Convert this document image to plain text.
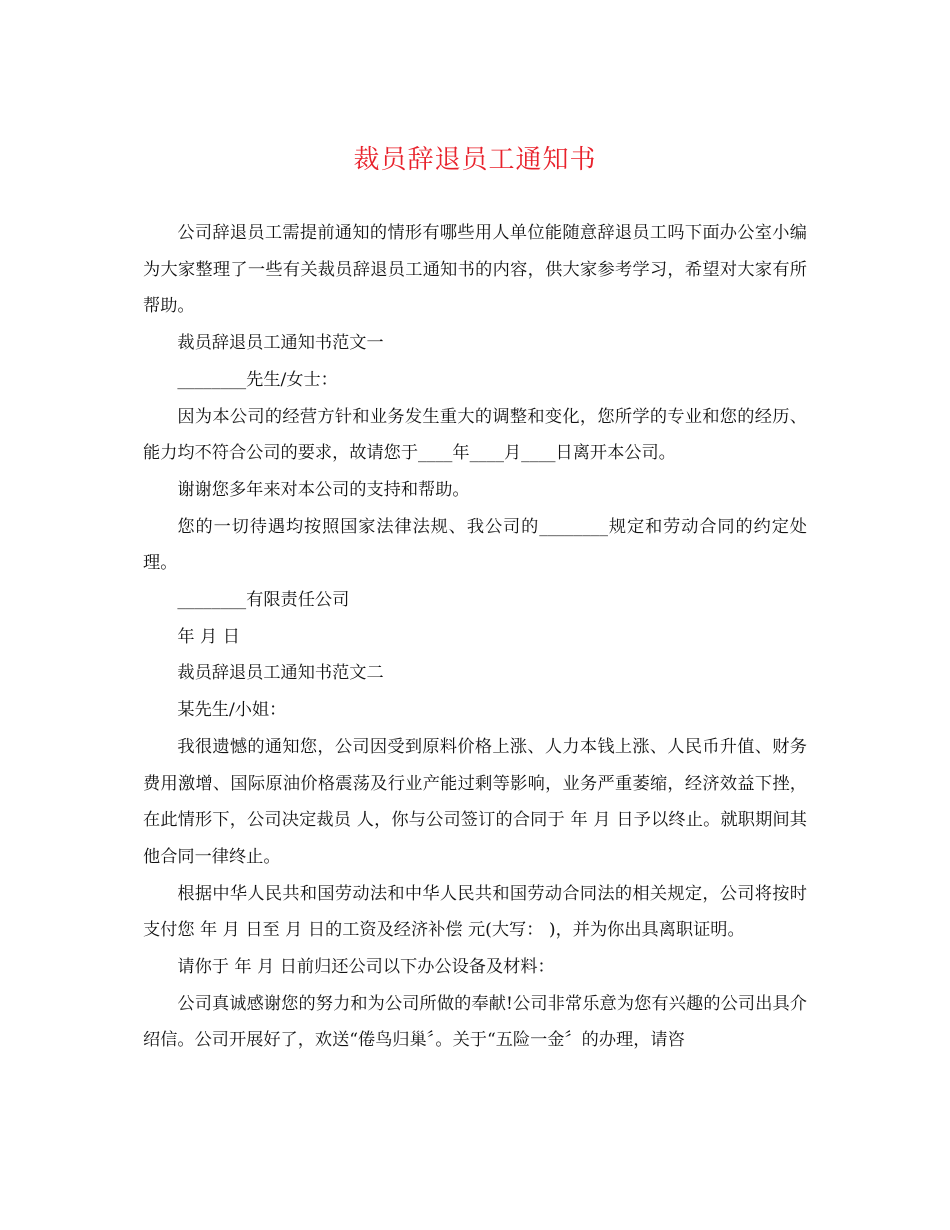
裁员辞退员工通知书

公司辞退员工需提前通知的情形有哪些用人单位能随意辞退员工吗下面办公室小编为大家整理了一些有关裁员辞退员工通知书的内容，供大家参考学习，希望对大家有所帮助。

裁员辞退员工通知书范文一

________先生/女士：

因为本公司的经营方针和业务发生重大的调整和变化，您所学的专业和您的经历、能力均不符合公司的要求，故请您于____年____月____日离开本公司。

谢谢您多年来对本公司的支持和帮助。

您的一切待遇均按照国家法律法规、我公司的________规定和劳动合同的约定处理。

________有限责任公司

年 月 日

裁员辞退员工通知书范文二

某先生/小姐：

我很遗憾的通知您，公司因受到原料价格上涨、人力本钱上涨、人民币升值、财务费用激增、国际原油价格震荡及行业产能过剩等影响，业务严重萎缩，经济效益下挫，在此情形下，公司决定裁员 人，你与公司签订的合同于 年 月 日予以终止。就职期间其他合同一律终止。

根据中华人民共和国劳动法和中华人民共和国劳动合同法的相关规定，公司将按时支付您 年 月 日至 月 日的工资及经济补偿 元(大写： )，并为你出具离职证明。

请你于 年 月 日前归还公司以下办公设备及材料：

公司真诚感谢您的努力和为公司所做的奉献!公司非常乐意为您有兴趣的公司出具介绍信。公司开展好了，欢送“倦鸟归巢〞。关于“五险一金〞的办理，请咨
